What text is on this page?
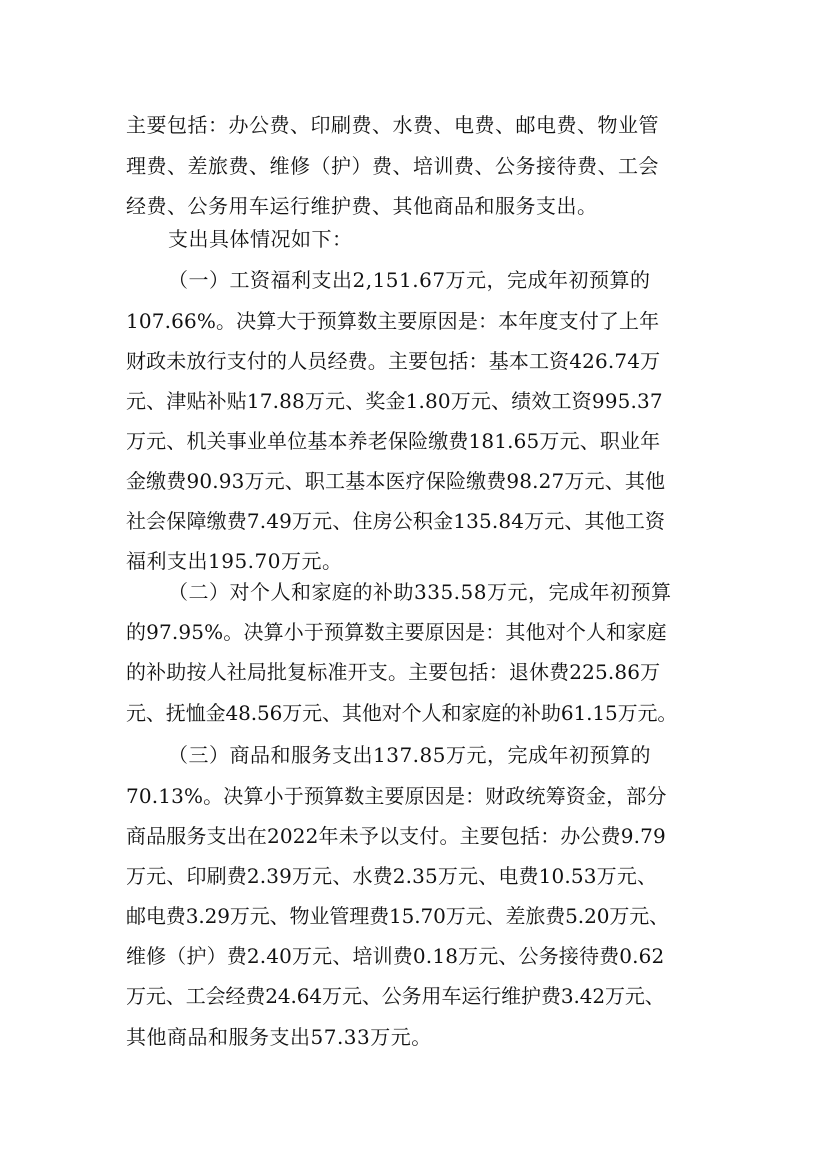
主要包括：办公费、印刷费、水费、电费、邮电费、物业管
理费、差旅费、维修（护）费、培训费、公务接待费、工会
经费、公务用车运行维护费、其他商品和服务支出。
支出具体情况如下：
（一）工资福利支出2,151.67万元，完成年初预算的
107.66%。决算大于预算数主要原因是：本年度支付了上年
财政未放行支付的人员经费。主要包括：基本工资426.74万
元、津贴补贴17.88万元、奖金1.80万元、绩效工资995.37
万元、机关事业单位基本养老保险缴费181.65万元、职业年
金缴费90.93万元、职工基本医疗保险缴费98.27万元、其他
社会保障缴费7.49万元、住房公积金135.84万元、其他工资
福利支出195.70万元。
（二）对个人和家庭的补助335.58万元，完成年初预算
的97.95%。决算小于预算数主要原因是：其他对个人和家庭
的补助按人社局批复标准开支。主要包括：退休费225.86万
元、抚恤金48.56万元、其他对个人和家庭的补助61.15万元。
（三）商品和服务支出137.85万元，完成年初预算的
70.13%。决算小于预算数主要原因是：财政统筹资金，部分
商品服务支出在2022年未予以支付。主要包括：办公费9.79
万元、印刷费2.39万元、水费2.35万元、电费10.53万元、
邮电费3.29万元、物业管理费15.70万元、差旅费5.20万元、
维修（护）费2.40万元、培训费0.18万元、公务接待费0.62
万元、工会经费24.64万元、公务用车运行维护费3.42万元、
其他商品和服务支出57.33万元。
